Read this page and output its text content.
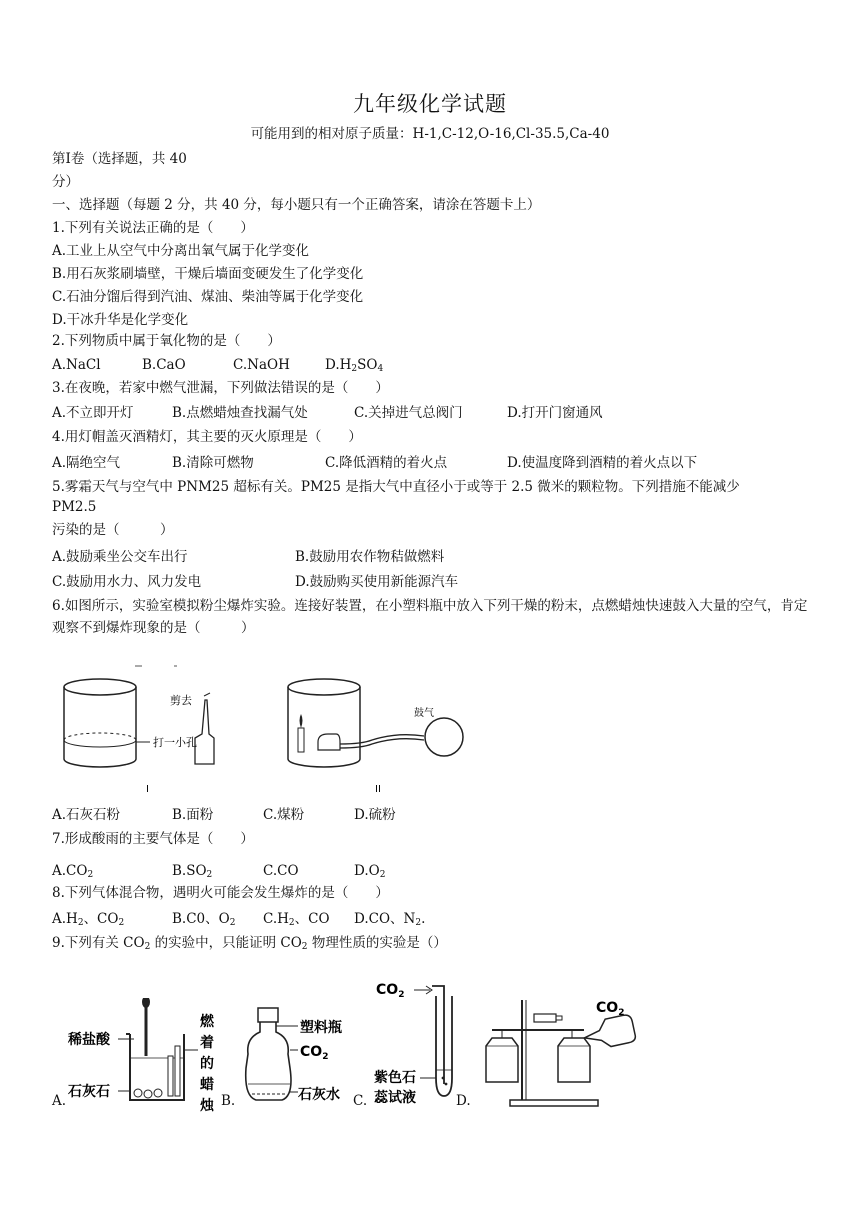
九年级化学试题
可能用到的相对原子质量：H-1,C-12,O-16,Cl-35.5,Ca-40
第Ⅰ卷（选择题，共 40
分）
一、选择题（每题 2 分，共 40 分，每小题只有一个正确答案，请涂在答题卡上）
1.下列有关说法正确的是（　　）
A.工业上从空气中分离出氧气属于化学变化
B.用石灰浆刷墙壁，干燥后墙面变硬发生了化学变化
C.石油分馏后得到汽油、煤油、柴油等属于化学变化
D.干冰升华是化学变化
2.下列物质中属于氧化物的是（　　）
A.NaCl	B.CaO	C.NaOH	$D.H_2SO_4$
3.在夜晚，若家中燃气泄漏，下列做法错误的是（　　）
A.不立即开灯	B.点燃蜡烛查找漏气处	C.关掉进气总阀门	D.打开门窗通风
4.用灯帽盖灭酒精灯，其主要的灭火原理是（　　）
A.隔绝空气	B.清除可燃物	C.降低酒精的着火点	D.使温度降到酒精的着火点以下
5.雾霜天气与空气中 PNM25 超标有关。PM25 是指大气中直径小于或等于 2.5 微米的颗粒物。下列措施不能减少
PM2.5
污染的是（　　　）
A.鼓励乘坐公交车出行	B.鼓励用农作物秸做燃料
C.鼓励用水力、风力发电	D.鼓励购买使用新能源汽车
6.如图所示，实验室模拟粉尘爆炸实验。连接好装置，在小塑料瓶中放入下列干燥的粉末，点燃蜡烛快速鼓入大量的空气，肯定观察不到爆炸现象的是（　　　）
打一小孔
剪去
I
鼓气
II
A.石灰石粉	B.面粉	C.煤粉	D.硫粉
7.形成酸雨的主要气体是（　　）
$A.CO_2$	$B.SO_2$	C.CO	$D.O_2$
8.下列气体混合物，遇明火可能会发生爆炸的是（　　）
$A.H_2$、$CO_2$	B.C0、$O_2$ $C.H_2$、CO D.CO、$N_2$.
9.下列有关 $CO_2$ 的实验中，只能证明 $CO_2$ 物理性质的实验是（）
稀盐酸
石灰石
燃
着
的
蜡
烛
A.
塑料瓶
$CO_2$
石灰水
B.
$CO_2$
紫色石
蕊试液
C.	D.
$CO_2$
